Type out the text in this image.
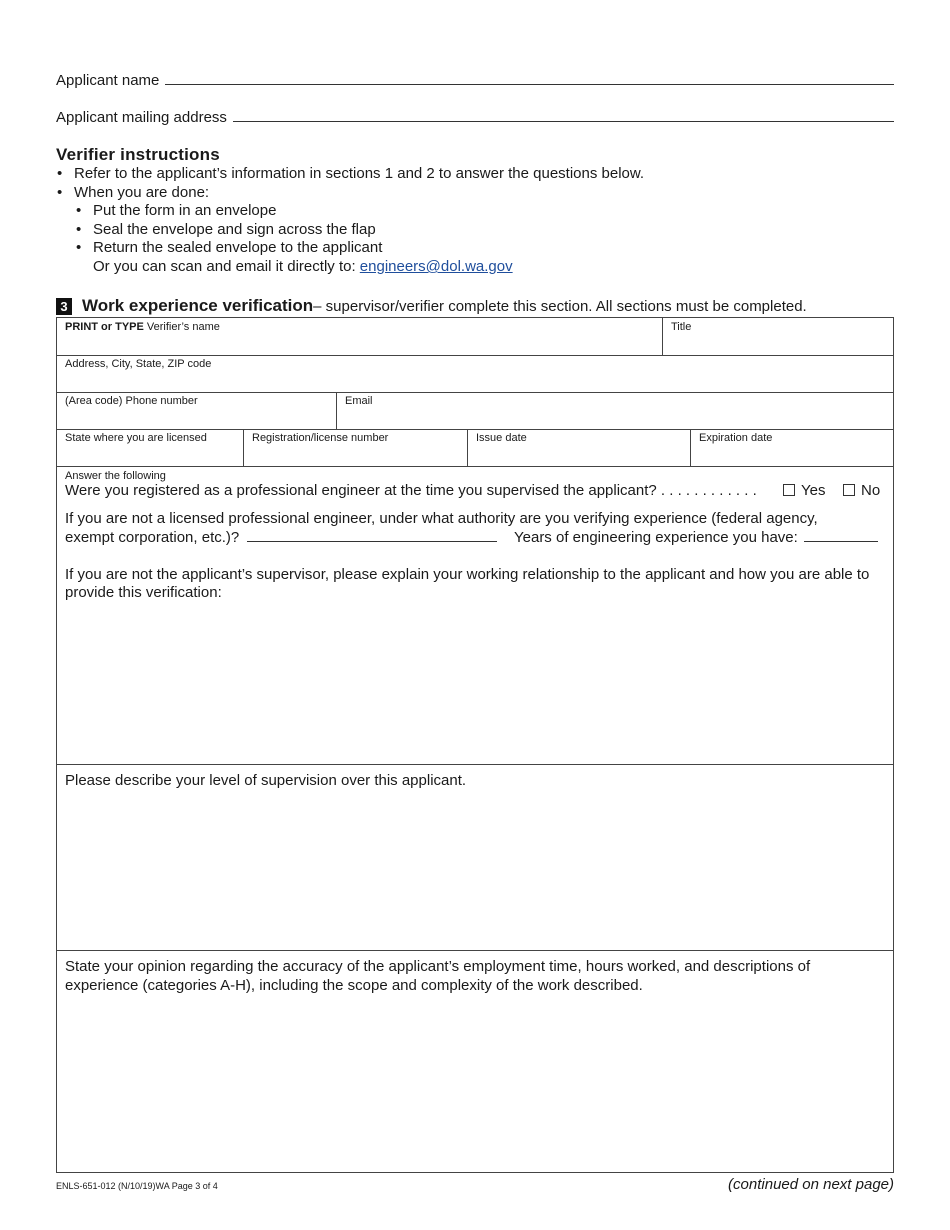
Applicant name
Applicant mailing address
Verifier instructions
• Refer to the applicant’s information in sections 1 and 2 to answer the questions below.
• When you are done:
• Put the form in an envelope
• Seal the envelope and sign across the flap
• Return the sealed envelope to the applicant
Or you can scan and email it directly to: engineers@dol.wa.gov
3 Work experience verification – supervisor/verifier complete this section. All sections must be completed.
PRINT or TYPE Verifier’s name	Title
Address, City, State, ZIP code
(Area code) Phone number	Email
State where you are licensed	Registration/license number	Issue date	Expiration date
Answer the following
Were you registered as a professional engineer at the time you supervised the applicant? . . . . . . . . . . . .	Yes	No
If you are not a licensed professional engineer, under what authority are you verifying experience (federal agency,
exempt corporation, etc.)?	Years of engineering experience you have:
If you are not the applicant’s supervisor, please explain your working relationship to the applicant and how you are able to provide this verification:
Please describe your level of supervision over this applicant.
State your opinion regarding the accuracy of the applicant’s employment time, hours worked, and descriptions of experience (categories A-H), including the scope and complexity of the work described.
ENLS-651-012 (N/10/19)WA Page 3 of 4	(continued on next page)
